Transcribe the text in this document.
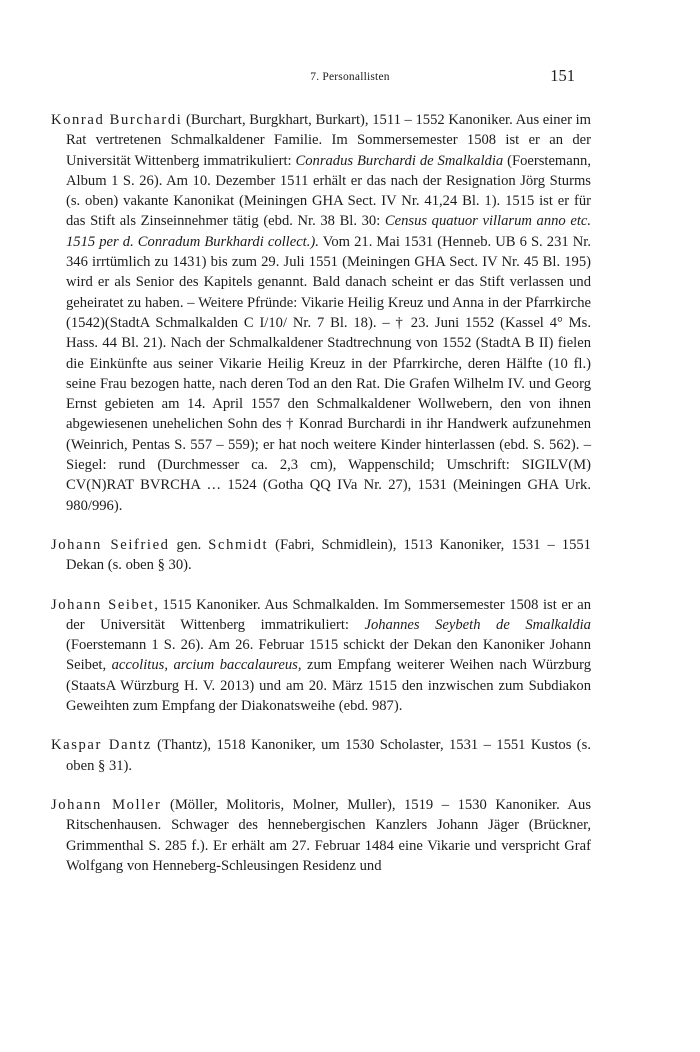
7. Personallisten	151

Konrad Burchardi (Burchart, Burgkhart, Burkart), 1511 – 1552 Kanoniker. Aus einer im Rat vertretenen Schmalkaldener Familie. Im Sommersemester 1508 ist er an der Universität Wittenberg immatrikuliert: Conradus Burchardi de Smalkaldia (Foerstemann, Album 1 S. 26). Am 10. Dezember 1511 erhält er das nach der Resignation Jörg Sturms (s. oben) vakante Kanonikat (Meiningen GHA Sect. IV Nr. 41,24 Bl. 1). 1515 ist er für das Stift als Zinseinnehmer tätig (ebd. Nr. 38 Bl. 30: Census quatuor villarum anno etc. 1515 per d. Conradum Burkhardi collect.). Vom 21. Mai 1531 (Henneb. UB 6 S. 231 Nr. 346 irrtümlich zu 1431) bis zum 29. Juli 1551 (Meiningen GHA Sect. IV Nr. 45 Bl. 195) wird er als Senior des Kapitels genannt. Bald danach scheint er das Stift verlassen und geheiratet zu haben. – Weitere Pfründe: Vikarie Heilig Kreuz und Anna in der Pfarrkirche (1542)(StadtA Schmalkalden C I/10/ Nr. 7 Bl. 18). – † 23. Juni 1552 (Kassel 4° Ms. Hass. 44 Bl. 21). Nach der Schmalkaldener Stadtrechnung von 1552 (StadtA B II) fielen die Einkünfte aus seiner Vikarie Heilig Kreuz in der Pfarrkirche, deren Hälfte (10 fl.) seine Frau bezogen hatte, nach deren Tod an den Rat. Die Grafen Wilhelm IV. und Georg Ernst gebieten am 14. April 1557 den Schmalkaldener Wollwebern, den von ihnen abgewiesenen unehelichen Sohn des † Konrad Burchardi in ihr Handwerk aufzunehmen (Weinrich, Pentas S. 557 – 559); er hat noch weitere Kinder hinterlassen (ebd. S. 562). – Siegel: rund (Durchmesser ca. 2,3 cm), Wappenschild; Umschrift: SIGILV(M) CV(N)RAT BVRCHA … 1524 (Gotha QQ IVa Nr. 27), 1531 (Meiningen GHA Urk. 980/996).

Johann Seifried gen. Schmidt (Fabri, Schmidlein), 1513 Kanoniker, 1531 – 1551 Dekan (s. oben § 30).

Johann Seibet, 1515 Kanoniker. Aus Schmalkalden. Im Sommersemester 1508 ist er an der Universität Wittenberg immatrikuliert: Johannes Seybeth de Smalkaldia (Foerstemann 1 S. 26). Am 26. Februar 1515 schickt der Dekan den Kanoniker Johann Seibet, accolitus, arcium baccalaureus, zum Empfang weiterer Weihen nach Würzburg (StaatsA Würzburg H. V. 2013) und am 20. März 1515 den inzwischen zum Subdiakon Geweihten zum Empfang der Diakonatsweihe (ebd. 987).

Kaspar Dantz (Thantz), 1518 Kanoniker, um 1530 Scholaster, 1531 – 1551 Kustos (s. oben § 31).

Johann Moller (Möller, Molitoris, Molner, Muller), 1519 – 1530 Kanoniker. Aus Ritschenhausen. Schwager des hennebergischen Kanzlers Johann Jäger (Brückner, Grimmenthal S. 285 f.). Er erhält am 27. Februar 1484 eine Vikarie und verspricht Graf Wolfgang von Henneberg-Schleusingen Residenz und
